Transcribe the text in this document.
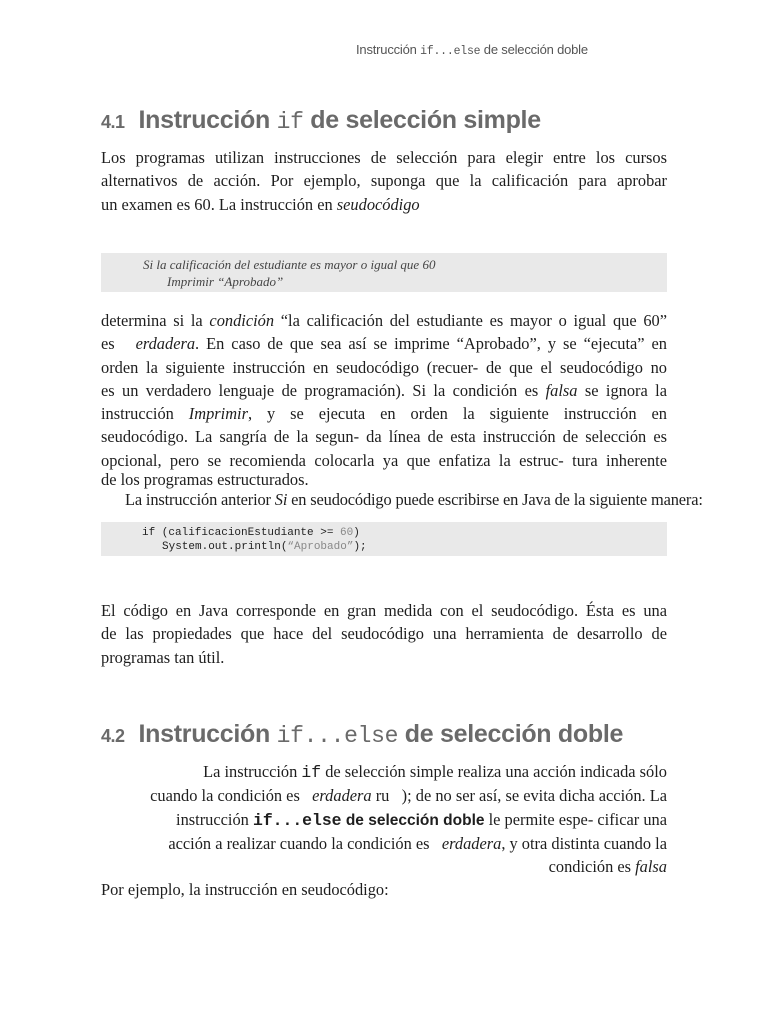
Instrucción if...else de selección doble
4.1 Instrucción if de selección simple
Los programas utilizan instrucciones de selección para elegir entre los cursos
alternativos de acción. Por ejemplo, suponga que la calificación para aprobar
un examen es 60. La instrucción en seudocódigo
Si la calificación del estudiante es mayor o igual que 60
Imprimir “Aprobado”
determina si la condición “la calificación del estudiante es mayor o igual que 60”
es   erdadera. En caso de que sea así se imprime “Aprobado”, y se “ejecuta” en
orden la siguiente instrucción en seudocódigo (recuer- de que el seudocódigo no
es un verdadero lenguaje de programación). Si la condición es falsa se ignora la
instrucción Imprimir, y se ejecuta en orden la siguiente instrucción en
seudocódigo. La sangría de la segun- da línea de esta instrucción de selección es
opcional, pero se recomienda colocarla ya que enfatiza la estruc- tura inherente
de los programas estructurados.
La instrucción anterior Si en seudocódigo puede escribirse en Java de la siguiente manera:
if (calificacionEstudiante >= 60)
System.out.println(“Aprobado”);
El código en Java corresponde en gran medida con el seudocódigo. Ésta es una
de las propiedades que hace del seudocódigo una herramienta de desarrollo de
programas tan útil.
4.2 Instrucción if...else de selección doble
La instrucción if de selección simple realiza una acción indicada sólo
cuando la condición es   erdadera ru   ); de no ser así, se evita dicha acción. La
instrucción if...else de selección doble le permite espe- cificar una
acción a realizar cuando la condición es   erdadera, y otra distinta cuando la
condición es falsa
Por ejemplo, la instrucción en seudocódigo:
